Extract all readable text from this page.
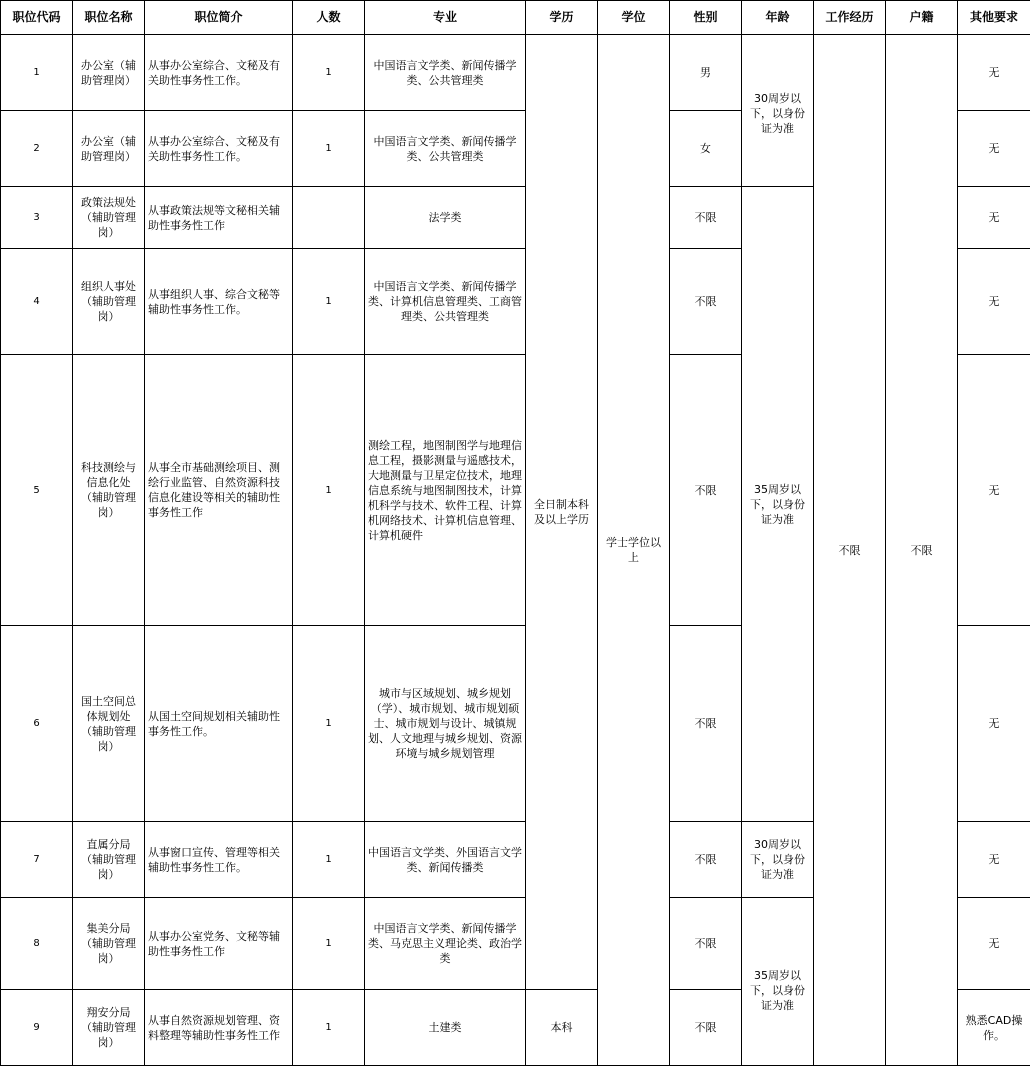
职位代码	职位名称	职位简介	人数	专业	学历	学位	性别	年龄	工作经历	户籍	其他要求
1	办公室（辅助管理岗）	从事办公室综合、文秘及有关助性事务性工作。	1	中国语言文学类、新闻传播学类、公共管理类	全日制本科及以上学历	学士学位以上	男	30周岁以下，以身份证为准	不限	不限	无
2	办公室（辅助管理岗）	从事办公室综合、文秘及有关助性事务性工作。	1	中国语言文学类、新闻传播学类、公共管理类			女				无
3	政策法规处（辅助管理岗）	从事政策法规等文秘相关辅助性事务性工作		法学类			不限	35周岁以下，以身份证为准			无
4	组织人事处（辅助管理岗）	从事组织人事、综合文秘等辅助性事务性工作。	1	中国语言文学类、新闻传播学类、计算机信息管理类、工商管理类、公共管理类			不限				无
5	科技测绘与信息化处（辅助管理岗）	从事全市基础测绘项目、测绘行业监管、自然资源科技信息化建设等相关的辅助性事务性工作	1	测绘工程，地图制图学与地理信息工程，摄影测量与遥感技术，大地测量与卫星定位技术，地理信息系统与地图制图技术，计算机科学与技术、软件工程、计算机网络技术、计算机信息管理、计算机硬件			不限				无
6	国土空间总体规划处（辅助管理岗）	从国土空间规划相关辅助性事务性工作。	1	城市与区域规划、城乡规划（学）、城市规划、城市规划硕士、城市规划与设计、城镇规划、人文地理与城乡规划、资源环境与城乡规划管理			不限				无
7	直属分局（辅助管理岗）	从事窗口宣传、管理等相关辅助性事务性工作。	1	中国语言文学类、外国语言文学类、新闻传播类			不限	30周岁以下，以身份证为准			无
8	集美分局（辅助管理岗）	从事办公室党务、文秘等辅助性事务性工作	1	中国语言文学类、新闻传播学类、马克思主义理论类、政治学类			不限	35周岁以下，以身份证为准			无
9	翔安分局（辅助管理岗）	从事自然资源规划管理、资料整理等辅助性事务性工作	1	土建类	本科		不限				熟悉CAD操作。
